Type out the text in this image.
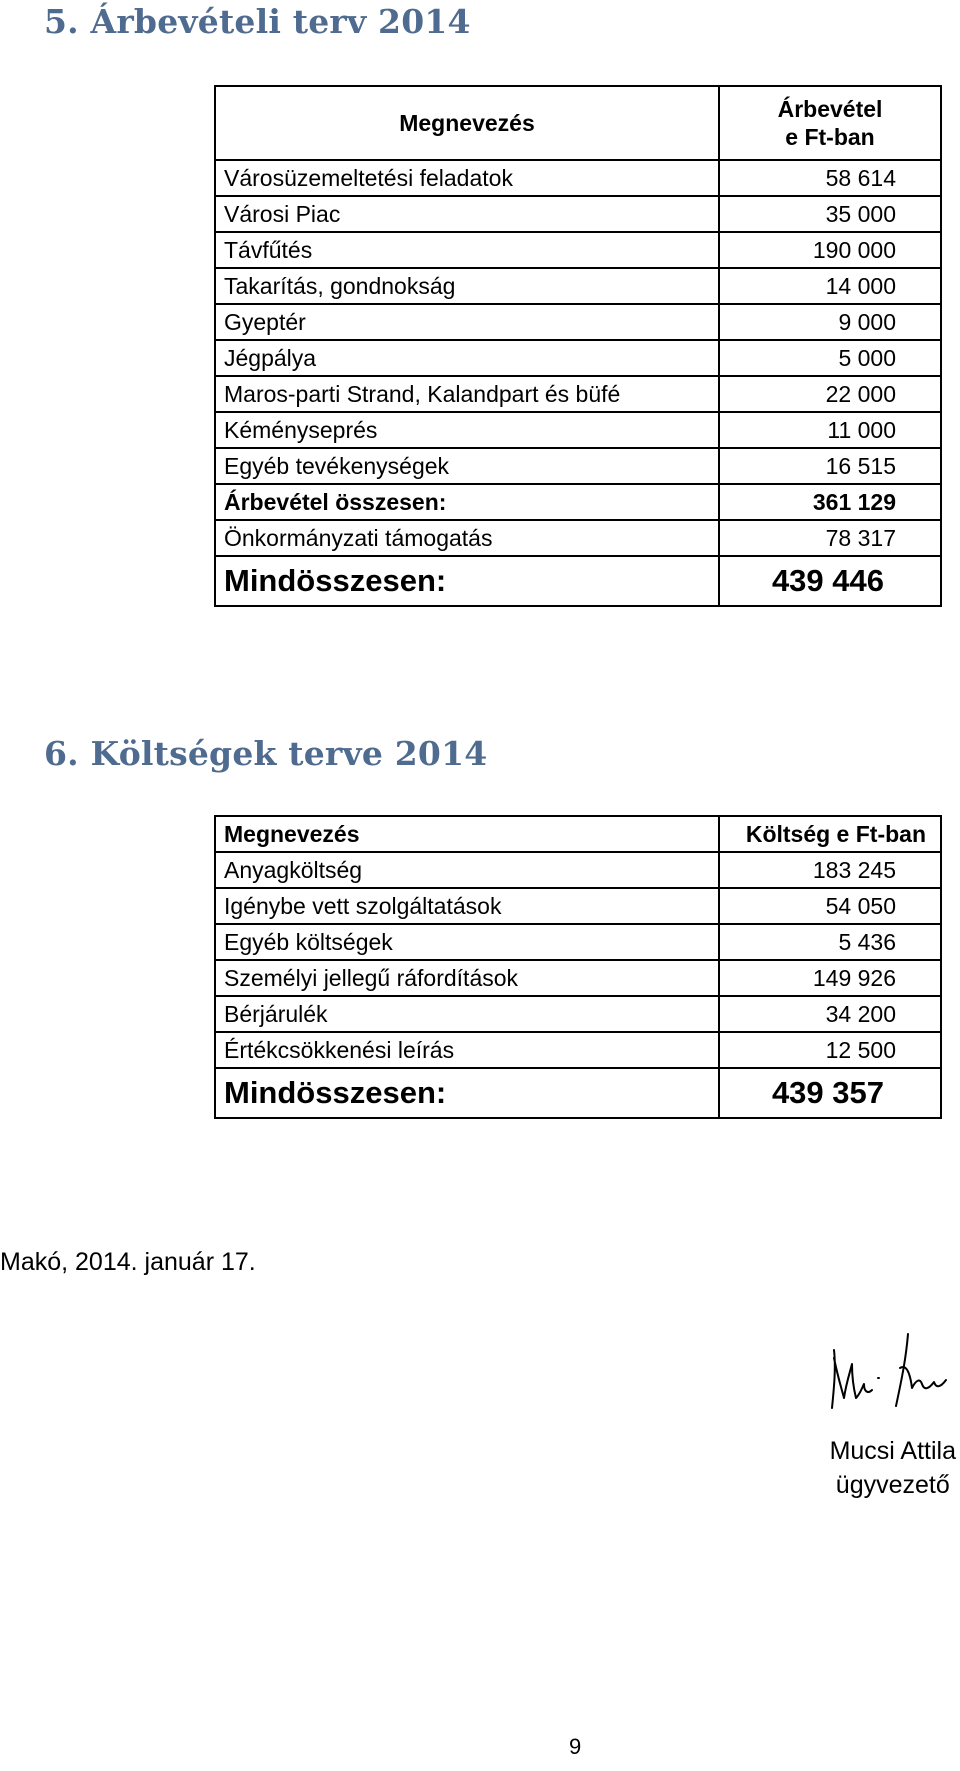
5. Árbevételi terv 2014
Megnevezés	Árbevétel
e Ft-ban

Városüzemeltetési feladatok	58 614
Városi Piac	35 000
Távfűtés	190 000
Takarítás, gondnokság	14 000
Gyeptér	9 000
Jégpálya	5 000
Maros-parti Strand, Kalandpart és büfé	22 000
Kéményseprés	11 000
Egyéb tevékenységek	16 515
Árbevétel összesen:	361 129
Önkormányzati támogatás	78 317
Mindösszesen:	439 446
6. Költségek terve 2014
Megnevezés	Költség e Ft-ban
Anyagköltség	183 245
Igénybe vett szolgáltatások	54 050
Egyéb költségek	5 436
Személyi jellegű ráfordítások	149 926
Bérjárulék	34 200
Értékcsökkenési leírás	12 500
Mindösszesen:	439 357
Makó, 2014. január 17.
Mucsi Attila
ügyvezető
9
